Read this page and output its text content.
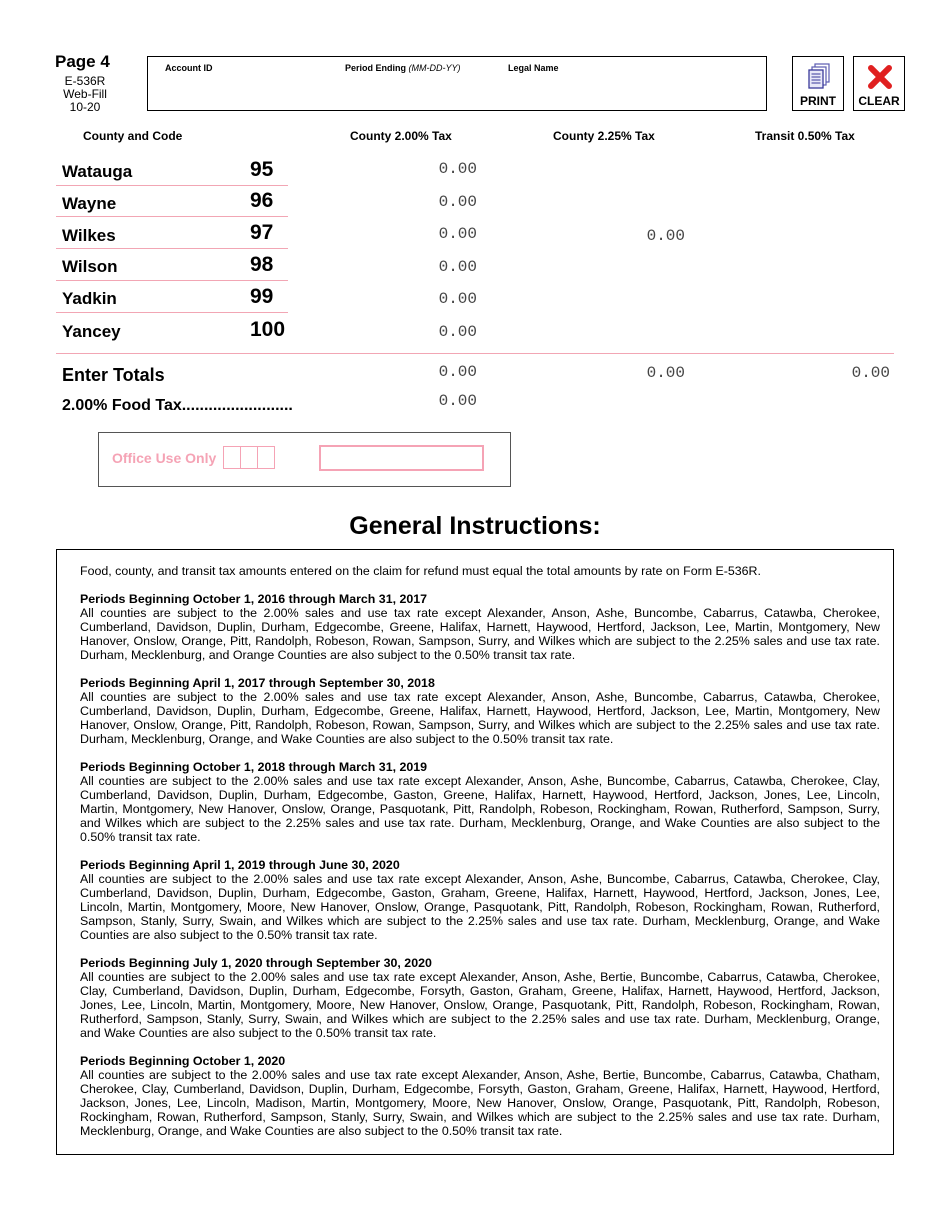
Page 4
E-536R
Web-Fill
10-20
Account ID	Period Ending (MM-DD-YY)	Legal Name
PRINT	CLEAR
County and Code	County 2.00% Tax	County 2.25% Tax	Transit 0.50% Tax
Watauga	95	0.00
Wayne	96	0.00
Wilkes	97	0.00	0.00
Wilson	98	0.00
Yadkin	99	0.00
Yancey	100	0.00
Enter Totals	0.00	0.00	0.00
2.00% Food Tax.........................	0.00
Office Use Only
General Instructions:

Food, county, and transit tax amounts entered on the claim for refund must equal the total amounts by rate on Form E-536R.

Periods Beginning October 1, 2016 through March 31, 2017
All counties are subject to the 2.00% sales and use tax rate except Alexander, Anson, Ashe, Buncombe, Cabarrus, Catawba, Cherokee, Cumberland, Davidson, Duplin, Durham, Edgecombe, Greene, Halifax, Harnett, Haywood, Hertford, Jackson, Lee, Martin, Montgomery, New Hanover, Onslow, Orange, Pitt, Randolph, Robeson, Rowan, Sampson, Surry, and Wilkes which are subject to the 2.25% sales and use tax rate. Durham, Mecklenburg, and Orange Counties are also subject to the 0.50% transit tax rate.
Periods Beginning April 1, 2017 through September 30, 2018
All counties are subject to the 2.00% sales and use tax rate except Alexander, Anson, Ashe, Buncombe, Cabarrus, Catawba, Cherokee, Cumberland, Davidson, Duplin, Durham, Edgecombe, Greene, Halifax, Harnett, Haywood, Hertford, Jackson, Lee, Martin, Montgomery, New Hanover, Onslow, Orange, Pitt, Randolph, Robeson, Rowan, Sampson, Surry, and Wilkes which are subject to the 2.25% sales and use tax rate. Durham, Mecklenburg, Orange, and Wake Counties are also subject to the 0.50% transit tax rate.
Periods Beginning October 1, 2018 through March 31, 2019
All counties are subject to the 2.00% sales and use tax rate except Alexander, Anson, Ashe, Buncombe, Cabarrus, Catawba, Cherokee, Clay, Cumberland, Davidson, Duplin, Durham, Edgecombe, Gaston, Greene, Halifax, Harnett, Haywood, Hertford, Jackson, Jones, Lee, Lincoln, Martin, Montgomery, New Hanover, Onslow, Orange, Pasquotank, Pitt, Randolph, Robeson, Rockingham, Rowan, Rutherford, Sampson, Surry, and Wilkes which are subject to the 2.25% sales and use tax rate. Durham, Mecklenburg, Orange, and Wake Counties are also subject to the 0.50% transit tax rate.
Periods Beginning April 1, 2019 through June 30, 2020
All counties are subject to the 2.00% sales and use tax rate except Alexander, Anson, Ashe, Buncombe, Cabarrus, Catawba, Cherokee, Clay, Cumberland, Davidson, Duplin, Durham, Edgecombe, Gaston, Graham, Greene, Halifax, Harnett, Haywood, Hertford, Jackson, Jones, Lee, Lincoln, Martin, Montgomery, Moore, New Hanover, Onslow, Orange, Pasquotank, Pitt, Randolph, Robeson, Rockingham, Rowan, Rutherford, Sampson, Stanly, Surry, Swain, and Wilkes which are subject to the 2.25% sales and use tax rate. Durham, Mecklenburg, Orange, and Wake Counties are also subject to the 0.50% transit tax rate.
Periods Beginning July 1, 2020 through September 30, 2020
All counties are subject to the 2.00% sales and use tax rate except Alexander, Anson, Ashe, Bertie, Buncombe, Cabarrus, Catawba, Cherokee, Clay, Cumberland, Davidson, Duplin, Durham, Edgecombe, Forsyth, Gaston, Graham, Greene, Halifax, Harnett, Haywood, Hertford, Jackson, Jones, Lee, Lincoln, Martin, Montgomery, Moore, New Hanover, Onslow, Orange, Pasquotank, Pitt, Randolph, Robeson, Rockingham, Rowan, Rutherford, Sampson, Stanly, Surry, Swain, and Wilkes which are subject to the 2.25% sales and use tax rate. Durham, Mecklenburg, Orange, and Wake Counties are also subject to the 0.50% transit tax rate.
Periods Beginning October 1, 2020
All counties are subject to the 2.00% sales and use tax rate except Alexander, Anson, Ashe, Bertie, Buncombe, Cabarrus, Catawba, Chatham, Cherokee, Clay, Cumberland, Davidson, Duplin, Durham, Edgecombe, Forsyth, Gaston, Graham, Greene, Halifax, Harnett, Haywood, Hertford, Jackson, Jones, Lee, Lincoln, Madison, Martin, Montgomery, Moore, New Hanover, Onslow, Orange, Pasquotank, Pitt, Randolph, Robeson, Rockingham, Rowan, Rutherford, Sampson, Stanly, Surry, Swain, and Wilkes which are subject to the 2.25% sales and use tax rate. Durham, Mecklenburg, Orange, and Wake Counties are also subject to the 0.50% transit tax rate.
